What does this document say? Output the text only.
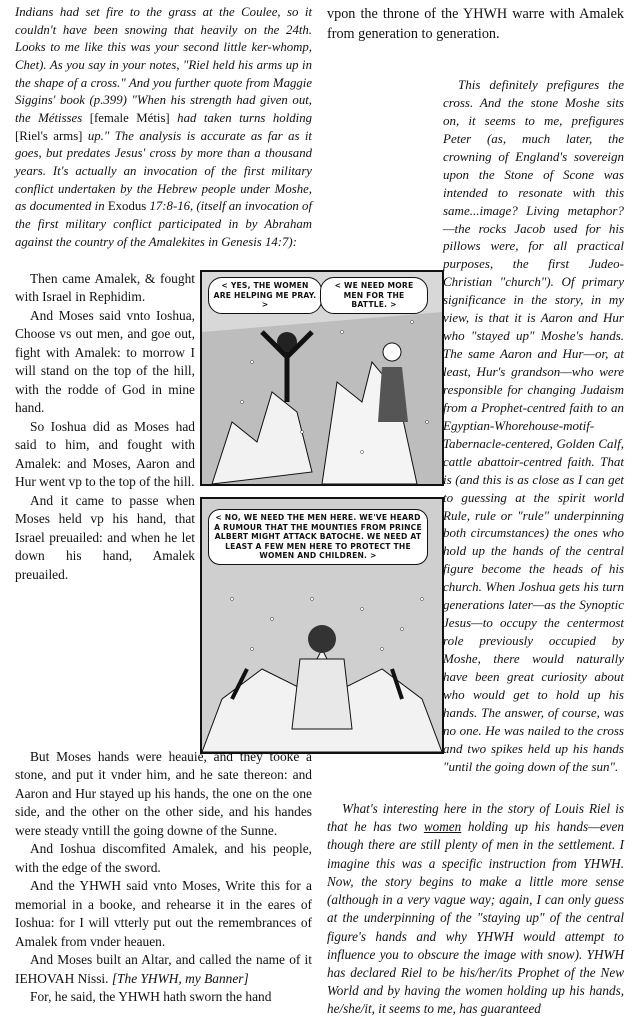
Indians had set fire to the grass at the Coulee, so it couldn't have been snowing that heavily on the 24th. Looks to me like this was your second little ker-whomp, Chet). As you say in your notes, "Riel held his arms up in the shape of a cross." And you further quote from Maggie Siggins' book (p.399) "When his strength had given out, the Métisses [female Métis] had taken turns holding [Riel's arms] up." The analysis is accurate as far as it goes, but predates Jesus' cross by more than a thousand years. It's actually an invocation of the first military conflict undertaken by the Hebrew people under Moshe, as documented in Exodus 17:8-16, (itself an invocation of the first military conflict participated in by Abraham against the country of the Amalekites in Genesis 14:7):

vpon the throne of the YHWH warre with Amalek from generation to generation.

< YES, THE WOMEN ARE HELPING ME PRAY. >
< WE NEED MORE MEN FOR THE BATTLE. >
< NO, WE NEED THE MEN HERE. WE'VE HEARD A RUMOUR THAT THE MOUNTIES FROM PRINCE ALBERT MIGHT ATTACK BATOCHE. WE NEED AT LEAST A FEW MEN HERE TO PROTECT THE WOMEN AND CHILDREN. >

Then came Amalek, & fought with Israel in Rephidim.

And Moses said vnto Ioshua, Choose vs out men, and goe out, fight with Amalek: to morrow I will stand on the top of the hill, with the rodde of God in mine hand.

So Ioshua did as Moses had said to him, and fought with Amalek: and Moses, Aaron and Hur went vp to the top of the hill.

And it came to passe when Moses held vp his hand, that Israel preuailed: and when he let down his hand, Amalek preuailed.

But Moses hands were heauie, and they tooke a stone, and put it vnder him, and he sate thereon: and Aaron and Hur stayed up his hands, the one on the one side, and the other on the other side, and his handes were steady vntill the going downe of the Sunne.

And Ioshua discomfited Amalek, and his people, with the edge of the sword.

And the YHWH said vnto Moses, Write this for a memorial in a booke, and rehearse it in the eares of Ioshua: for I will vtterly put out the remembrances of Amalek from vnder heauen.

And Moses built an Altar, and called the name of it IEHOVAH Nissi. [The YHWH, my Banner]

For, he said, the YHWH hath sworn the hand

This definitely prefigures the cross. And the stone Moshe sits on, it seems to me, prefigures Peter (as, much later, the crowning of England's sovereign upon the Stone of Scone was intended to resonate with this same...image? Living metaphor?—the rocks Jacob used for his pillows were, for all practical purposes, the first Judeo-Christian "church"). Of primary significance in the story, in my view, is that it is Aaron and Hur who "stayed up" Moshe's hands. The same Aaron and Hur—or, at least, Hur's grandson—who were responsible for changing Judaism from a Prophet-centred faith to an Egyptian-Whorehouse-motif-Tabernacle-centered, Golden Calf, cattle abattoir-centred faith. That is (and this is as close as I can get to guessing at the spirit world Rule, rule or "rule" underpinning both circumstances) the ones who hold up the hands of the central figure become the heads of his church. When Joshua gets his turn generations later—as the Synoptic Jesus—to occupy the centermost role previously occupied by Moshe, there would naturally have been great curiosity about who would get to hold up his hands. The answer, of course, was no one. He was nailed to the cross and two spikes held up his hands "until the going down of the sun".

What's interesting here in the story of Louis Riel is that he has two women holding up his hands—even though there are still plenty of men in the settlement. I imagine this was a specific instruction from YHWH. Now, the story begins to make a little more sense (although in a very vague way; again, I can only guess at the underpinning of the "staying up" of the central figure's hands and why YHWH would attempt to influence you to obscure the image with snow). YHWH has declared Riel to be his/her/its Prophet of the New World and by having the women holding up his hands, he/she/it, it seems to me, has guaranteed
